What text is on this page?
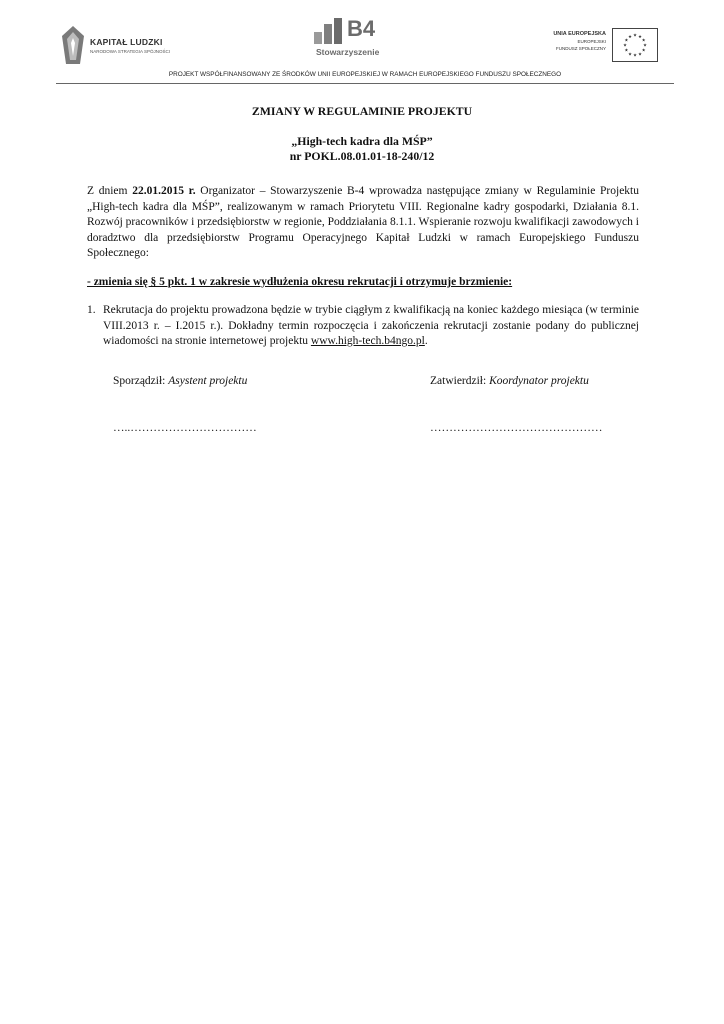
KAPITAŁ LUDZKI
NARODOWA STRATEGIA SPÓJNOŚCI
B4
Stowarzyszenie
UNIA EUROPEJSKA
EUROPEJSKI
FUNDUSZ SPOŁECZNY
★ ★
★
★
★
★
★
★
★
★
★
★
PROJEKT WSPÓŁFINANSOWANY ZE ŚRODKÓW UNII EUROPEJSKIEJ W RAMACH EUROPEJSKIEGO FUNDUSZU SPOŁECZNEGO
ZMIANY W REGULAMINIE PROJEKTU
„High-tech kadra dla MŚP”
nr POKL.08.01.01-18-240/12
Z dniem 22.01.2015 r. Organizator – Stowarzyszenie B-4 wprowadza następujące zmiany w Regulaminie Projektu „High-tech kadra dla MŚP”, realizowanym w ramach Priorytetu VIII. Regionalne kadry gospodarki, Działania 8.1. Rozwój pracowników i przedsiębiorstw w regionie, Poddziałania 8.1.1. Wspieranie rozwoju kwalifikacji zawodowych i doradztwo dla przedsiębiorstw Programu Operacyjnego Kapitał Ludzki w ramach Europejskiego Funduszu Społecznego:
- zmienia się § 5 pkt. 1 w zakresie wydłużenia okresu rekrutacji i otrzymuje brzmienie:
1. Rekrutacja do projektu prowadzona będzie w trybie ciągłym z kwalifikacją na koniec każdego miesiąca (w terminie VIII.2013 r. – I.2015 r.). Dokładny termin rozpoczęcia i zakończenia rekrutacji zostanie podany do publicznej wiadomości na stronie internetowej projektu www.high-tech.b4ngo.pl.
Sporządził: Asystent projektu	Zatwierdził: Koordynator projektu
…..……………………………	………………………………………
